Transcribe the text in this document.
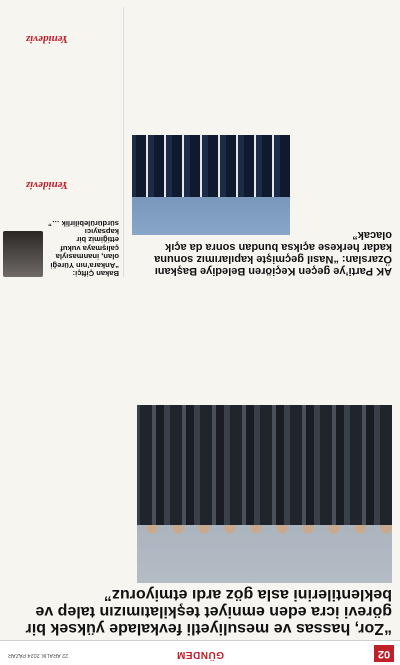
02
GÜNDEM
22 ARALIK 2024 PAZAR
“Zor, hassas ve mesuliyetli fevkalade yüksek bir görevi icra eden emniyet teşkilatımızın talep ve beklentilerini asla göz ardı etmiyoruz”

AK Parti’ye geçen Keçiören Belediye Başkanı Özarslan: “Nasıl geçmişte kapılarımız sonuna kadar herkese açıksa bundan sonra da açık olacak”

Bakan Çiftçi: “Ankara’nın Yüreği olan, inanmasıyla çalışmaya vukuf ettiğimiz bir kapsayıcı sürdürülebilirlik …”

Yenideviz
Yenideviz
